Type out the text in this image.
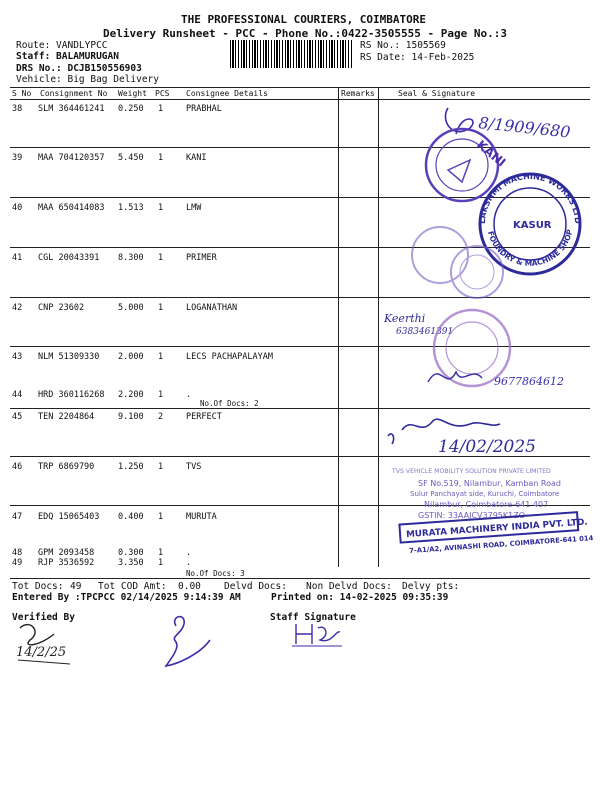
THE PROFESSIONAL COURIERS, COIMBATORE
Delivery Runsheet - PCC - Phone No.:0422-3505555 - Page No.:3
Route: VANDLYPCC
Staff: BALAMURUGAN
DRS No.: DCJB150556903
Vehicle: Big Bag Delivery
RS No.: 1505569
RS Date: 14-Feb-2025
S No Consignment No Weight PCS Consignee Details	Remarks	Seal & Signature
38 SLM 364461241 0.250 1	PRABHAL
39 MAA 704120357 5.450 1	KANI
40 MAA 650414083 1.513 1	LMW
41 CGL 20043391 8.300 1	PRIMER
42 CNP 23602	5.000 1	LOGANATHAN
43 NLM 51309330 2.000 1	LECS PACHAPALAYAM
44 HRD 360116268 2.200 1	.
No.Of Docs: 2
45 TEN 2204864	9.100 2	PERFECT
46 TRP 6869790	1.250 1	TVS
47 EDQ 15065403 0.400 1	MURUTA
48 GPM 2093458	0.300 1	.
49 RJP 3536592	3.350 1	.
No.Of Docs: 3
Tot Docs: 49 Tot COD Amt: 0.00 Delvd Docs: Non Delvd Docs: Delvy pts:
Entered By :TPCPCC 02/14/2025 9:14:39 AM	Printed on: 14-02-2025 09:35:39
Verified By	Staff Signature
8/1909/680
KANI
LAKSHMI MACHINE WORKS LTD
FOUNDRY & MACHINE SHOP
KASUR
Keerthi
6383461391
9677864612
14/02/2025
TVS VEHICLE MOBILITY SOLUTION PRIVATE LIMITED
SF No.519, Nilambur, Kamban Road
Sulur Panchayat side, Kuruchi, Coimbatore
Nilambur, Coimbatore-641 407
GSTIN: 33AAJCV3795K1ZO
MURATA MACHINERY INDIA PVT. LTD.
7-A1/A2, AVINASHI ROAD, COIMBATORE-641 014
14/2/25
